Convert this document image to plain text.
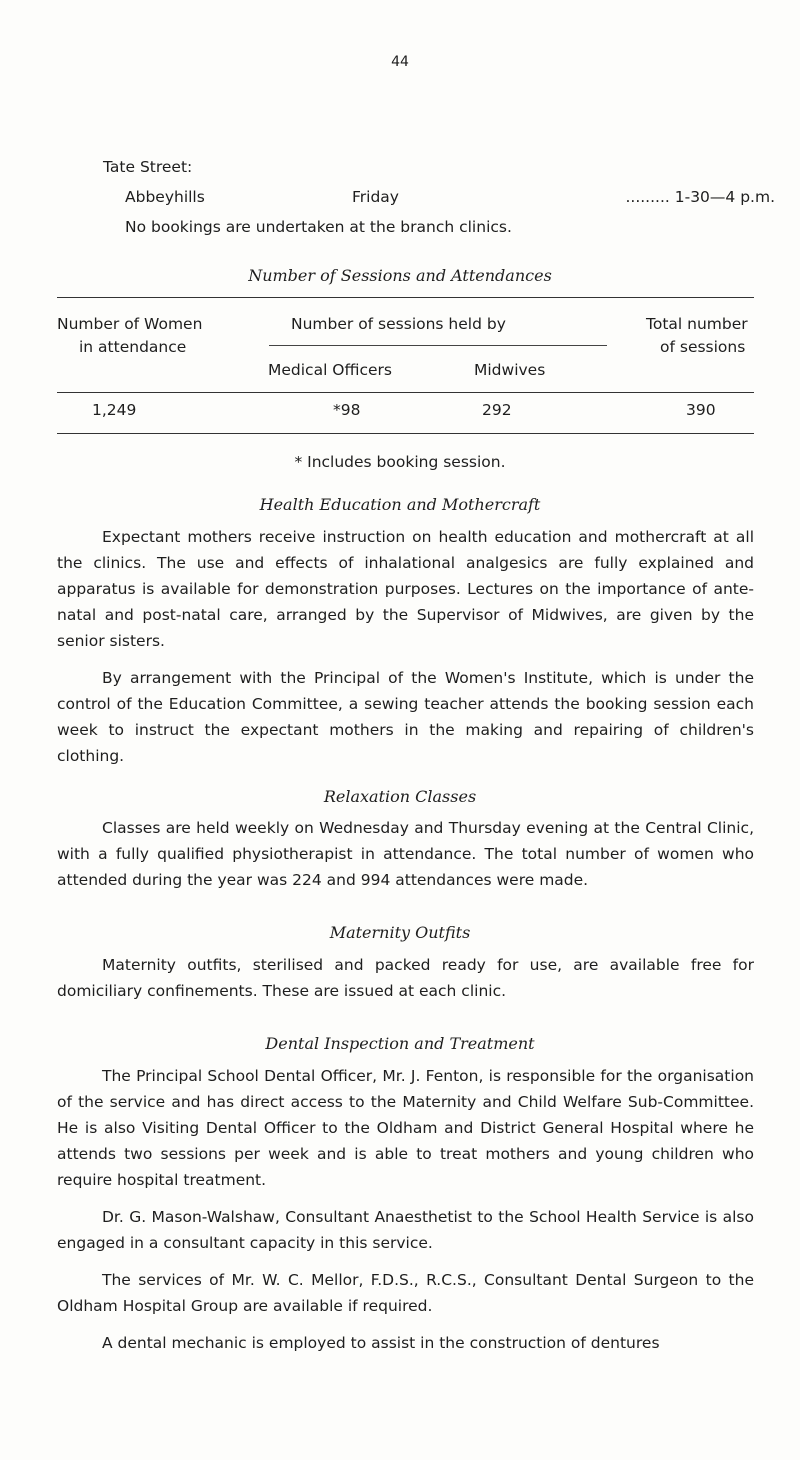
44
Tate Street:
Abbeyhills	Friday	......... 1-30—4 p.m.
No bookings are undertaken at the branch clinics.
Number of Sessions and Attendances
Number of Women
in attendance
Number of sessions held by
Medical Officers	Midwives
Total number
of sessions
1,249	*98	292	390
* Includes booking session.
Health Education and Mothercraft

Expectant mothers receive instruction on health education and mothercraft at all the clinics. The use and effects of inhalational analgesics are fully explained and apparatus is available for demonstration purposes. Lectures on the importance of ante-natal and post-natal care, arranged by the Supervisor of Midwives, are given by the senior sisters.

By arrangement with the Principal of the Women's Institute, which is under the control of the Education Committee, a sewing teacher attends the booking session each week to instruct the expectant mothers in the making and repairing of children's clothing.

Relaxation Classes

Classes are held weekly on Wednesday and Thursday evening at the Central Clinic, with a fully qualified physiotherapist in attendance. The total number of women who attended during the year was 224 and 994 attendances were made.

Maternity Outfits

Maternity outfits, sterilised and packed ready for use, are available free for domiciliary confinements. These are issued at each clinic.

Dental Inspection and Treatment

The Principal School Dental Officer, Mr. J. Fenton, is responsible for the organisation of the service and has direct access to the Maternity and Child Welfare Sub-Committee. He is also Visiting Dental Officer to the Oldham and District General Hospital where he attends two sessions per week and is able to treat mothers and young children who require hospital treatment.

Dr. G. Mason-Walshaw, Consultant Anaesthetist to the School Health Service is also engaged in a consultant capacity in this service.

The services of Mr. W. C. Mellor, F.D.S., R.C.S., Consultant Dental Surgeon to the Oldham Hospital Group are available if required.

A dental mechanic is employed to assist in the construction of dentures
